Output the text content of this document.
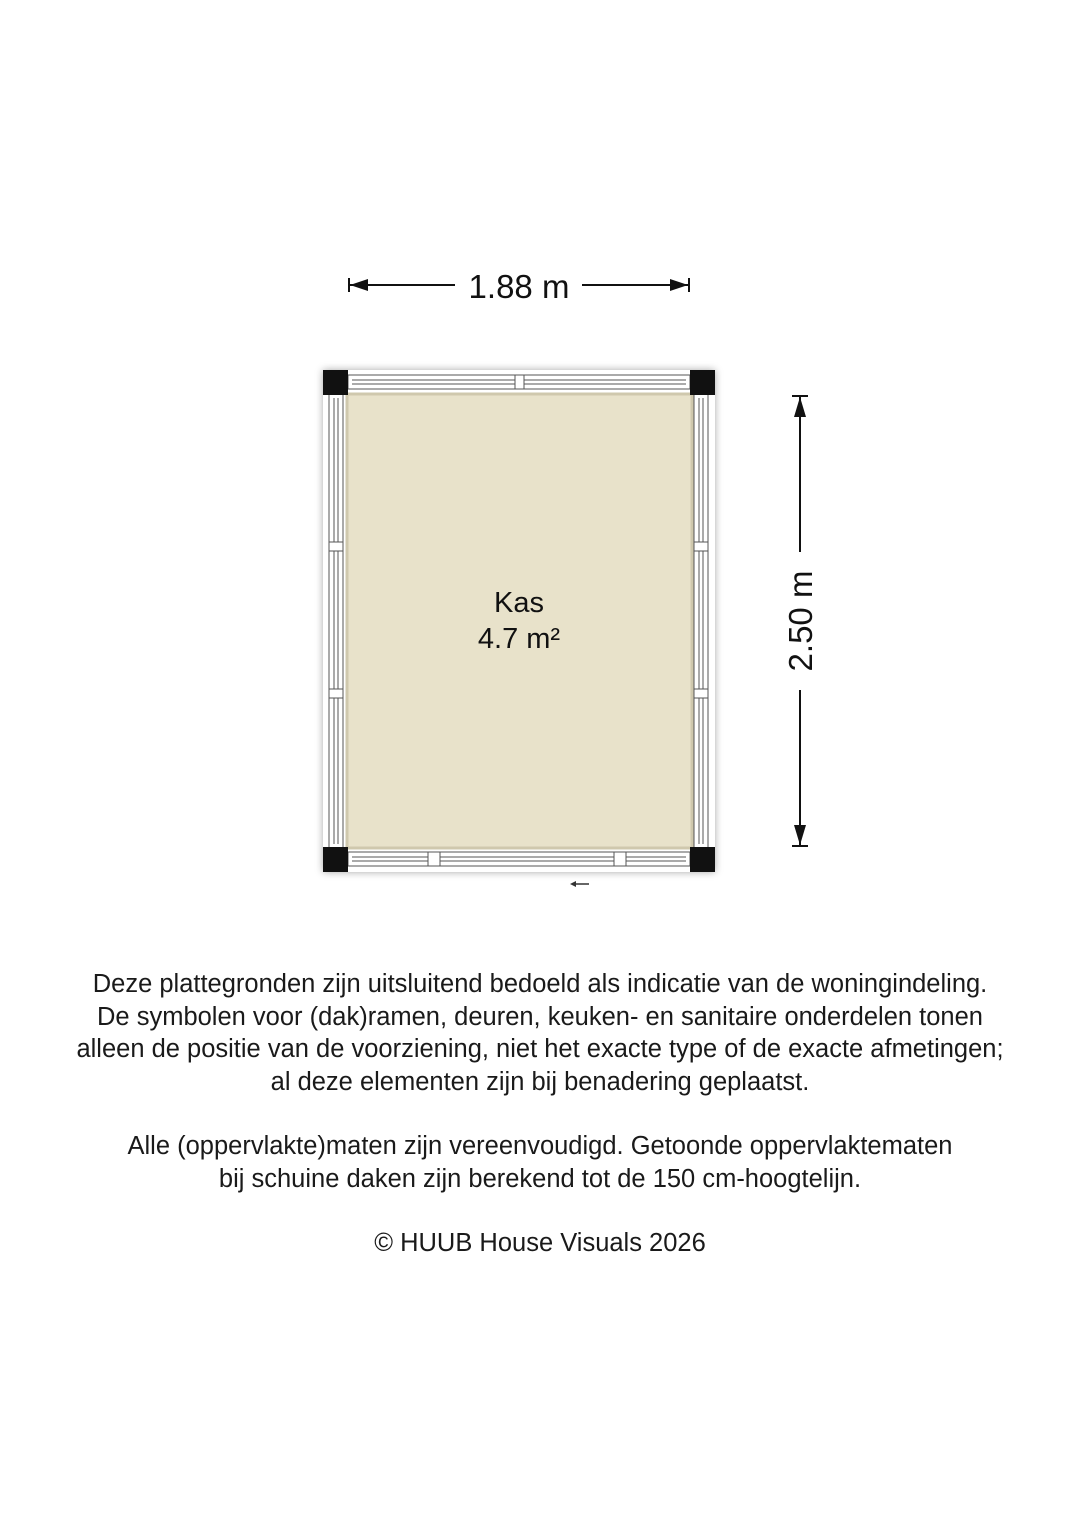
1.88 m
2.50 m
Kas
4.7 m²
Deze plattegronden zijn uitsluitend bedoeld als indicatie van de woningindeling.
De symbolen voor (dak)ramen, deuren, keuken- en sanitaire onderdelen tonen
alleen de positie van de voorziening, niet het exacte type of de exacte afmetingen;
al deze elementen zijn bij benadering geplaatst.
Alle (oppervlakte)maten zijn vereenvoudigd. Getoonde oppervlaktematen
bij schuine daken zijn berekend tot de 150 cm-hoogtelijn.
© HUUB House Visuals 2026
